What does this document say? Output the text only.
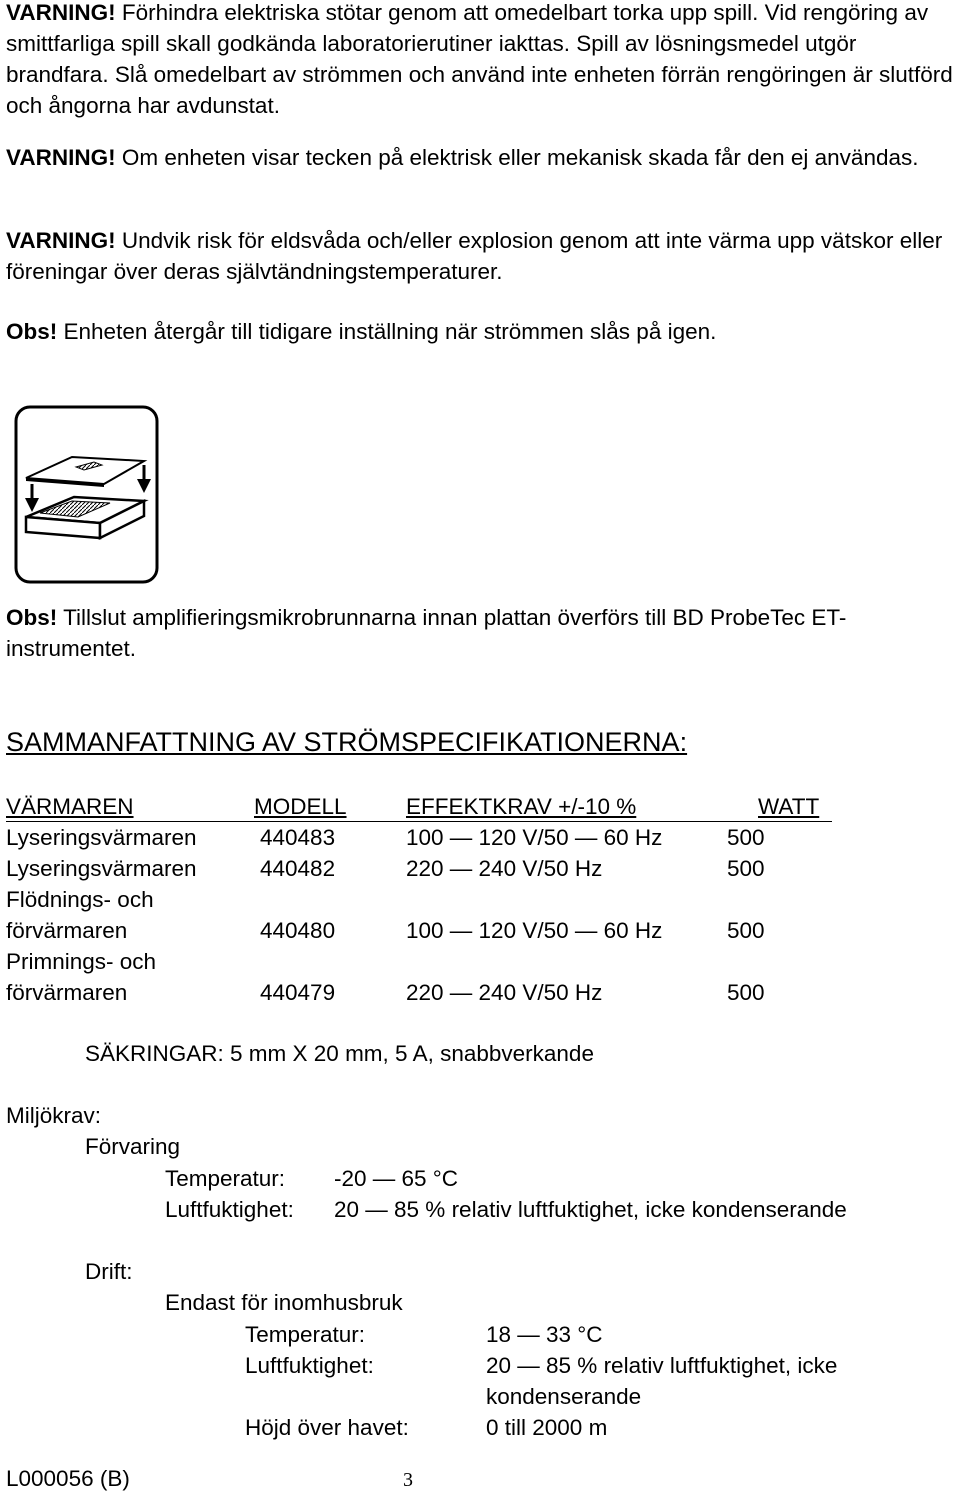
VARNING! Förhindra elektriska stötar genom att omedelbart torka upp spill. Vid rengöring av smittfarliga spill skall godkända laboratorierutiner iakttas. Spill av lösningsmedel utgör brandfara. Slå omedelbart av strömmen och använd inte enheten förrän rengöringen är slutförd och ångorna har avdunstat.
VARNING! Om enheten visar tecken på elektrisk eller mekanisk skada får den ej användas.
VARNING! Undvik risk för eldsvåda och/eller explosion genom att inte värma upp vätskor eller föreningar över deras självtändningstemperaturer.
Obs! Enheten återgår till tidigare inställning när strömmen slås på igen.
Obs! Tillslut amplifieringsmikrobrunnarna innan plattan överförs till BD ProbeTec ET-instrumentet.
SAMMANFATTNING AV STRÖMSPECIFIKATIONERNA:
VÄRMAREN	MODELL	EFFEKTKRAV +/-10 %	WATT
Lyseringsvärmaren	440483	100 — 120 V/50 — 60 Hz	500
Lyseringsvärmaren	440482	220 — 240 V/50 Hz	500
Flödnings- och
förvärmaren	440480	100 — 120 V/50 — 60 Hz	500
Primnings- och
förvärmaren	440479	220 — 240 V/50 Hz	500
SÄKRINGAR: 5 mm X 20 mm, 5 A, snabbverkande
Miljökrav:
Förvaring
Temperatur: -20 — 65 °C
Luftfuktighet: 20 — 85 % relativ luftfuktighet, icke kondenserande
Drift:
Endast för inomhusbruk
Temperatur:	18 — 33 °C
Luftfuktighet:	20 — 85 % relativ luftfuktighet, icke
kondenserande
Höjd över havet:	0 till 2000 m
L000056 (B)	3
